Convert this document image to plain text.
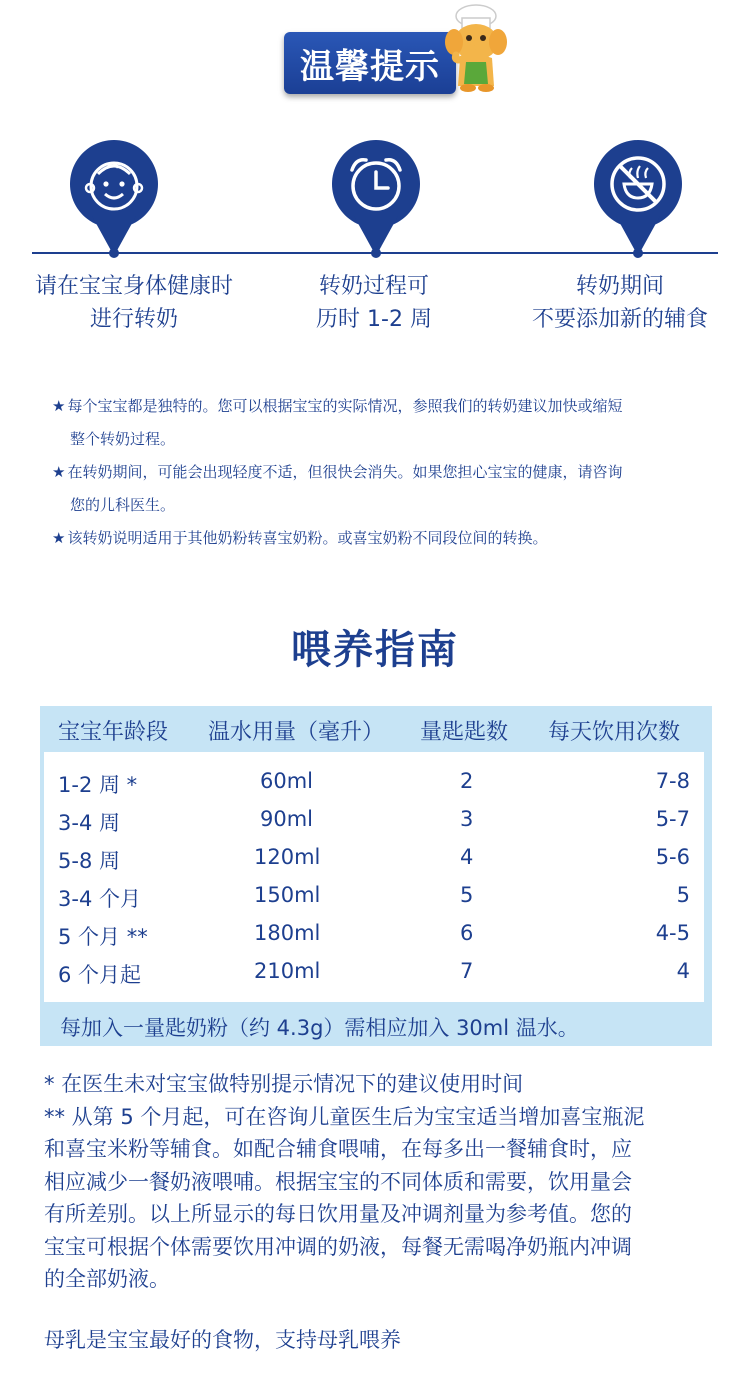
温馨提示
请在宝宝身体健康时
进行转奶
转奶过程可
历时 1-2 周
转奶期间
不要添加新的辅食
★ 每个宝宝都是独特的。您可以根据宝宝的实际情况，参照我们的转奶建议加快或缩短
整个转奶过程。
★ 在转奶期间，可能会出现轻度不适，但很快会消失。如果您担心宝宝的健康，请咨询
您的儿科医生。
★ 该转奶说明适用于其他奶粉转喜宝奶粉。或喜宝奶粉不同段位间的转换。
喂养指南
宝宝年龄段 温水用量（毫升） 量匙匙数 每天饮用次数
1-2 周 *	60ml	2	7-8
3-4 周	90ml	3	5-7
5-8 周	120ml	4	5-6
3-4 个月	150ml	5	5
5 个月 **	180ml	6	4-5
6 个月起	210ml	7	4
每加入一量匙奶粉（约 4.3g）需相应加入 30ml 温水。
* 在医生未对宝宝做特别提示情况下的建议使用时间
** 从第 5 个月起，可在咨询儿童医生后为宝宝适当增加喜宝瓶泥
和喜宝米粉等辅食。如配合辅食喂哺，在每多出一餐辅食时，应
相应减少一餐奶液喂哺。根据宝宝的不同体质和需要，饮用量会
有所差别。以上所显示的每日饮用量及冲调剂量为参考值。您的
宝宝可根据个体需要饮用冲调的奶液，每餐无需喝净奶瓶内冲调
的全部奶液。
母乳是宝宝最好的食物，支持母乳喂养
